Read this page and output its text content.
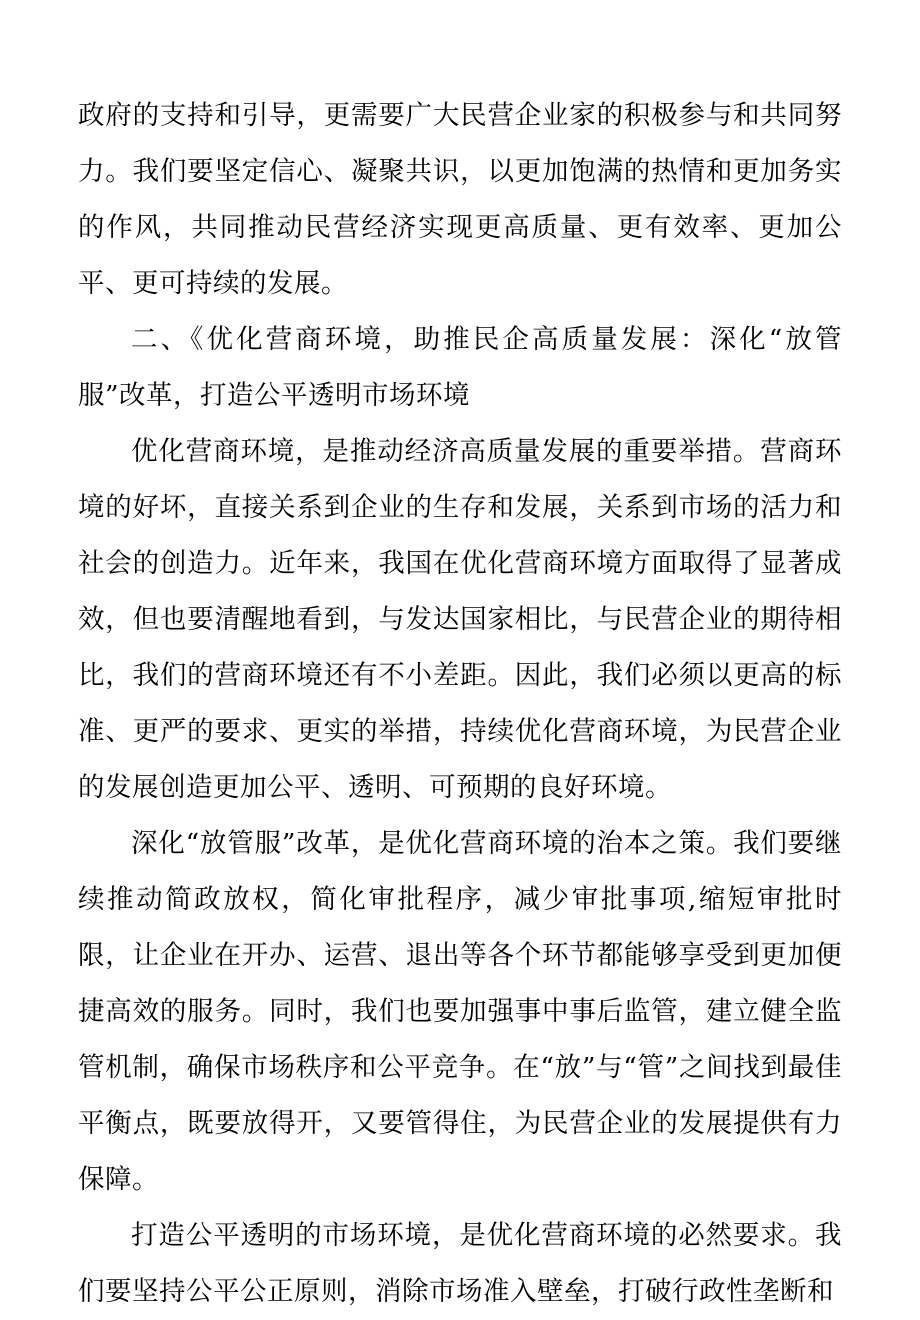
政府的支持和引导，更需要广大民营企业家的积极参与和共同努力。我们要坚定信心、凝聚共识，以更加饱满的热情和更加务实的作风，共同推动民营经济实现更高质量、更有效率、更加公平、更可持续的发展。

二、《优化营商环境，助推民企高质量发展：深化“放管服”改革，打造公平透明市场环境

优化营商环境，是推动经济高质量发展的重要举措。营商环境的好坏，直接关系到企业的生存和发展，关系到市场的活力和社会的创造力。近年来，我国在优化营商环境方面取得了显著成效，但也要清醒地看到，与发达国家相比，与民营企业的期待相比，我们的营商环境还有不小差距。因此，我们必须以更高的标准、更严的要求、更实的举措，持续优化营商环境，为民营企业的发展创造更加公平、透明、可预期的良好环境。

深化“放管服”改革，是优化营商环境的治本之策。我们要继续推动简政放权，简化审批程序，减少审批事项,缩短审批时限，让企业在开办、运营、退出等各个环节都能够享受到更加便捷高效的服务。同时，我们也要加强事中事后监管，建立健全监管机制，确保市场秩序和公平竞争。在“放”与“管”之间找到最佳平衡点，既要放得开，又要管得住，为民营企业的发展提供有力保障。

打造公平透明的市场环境，是优化营商环境的必然要求。我们要坚持公平公正原则，消除市场准入壁垒，打破行政性垄断和
